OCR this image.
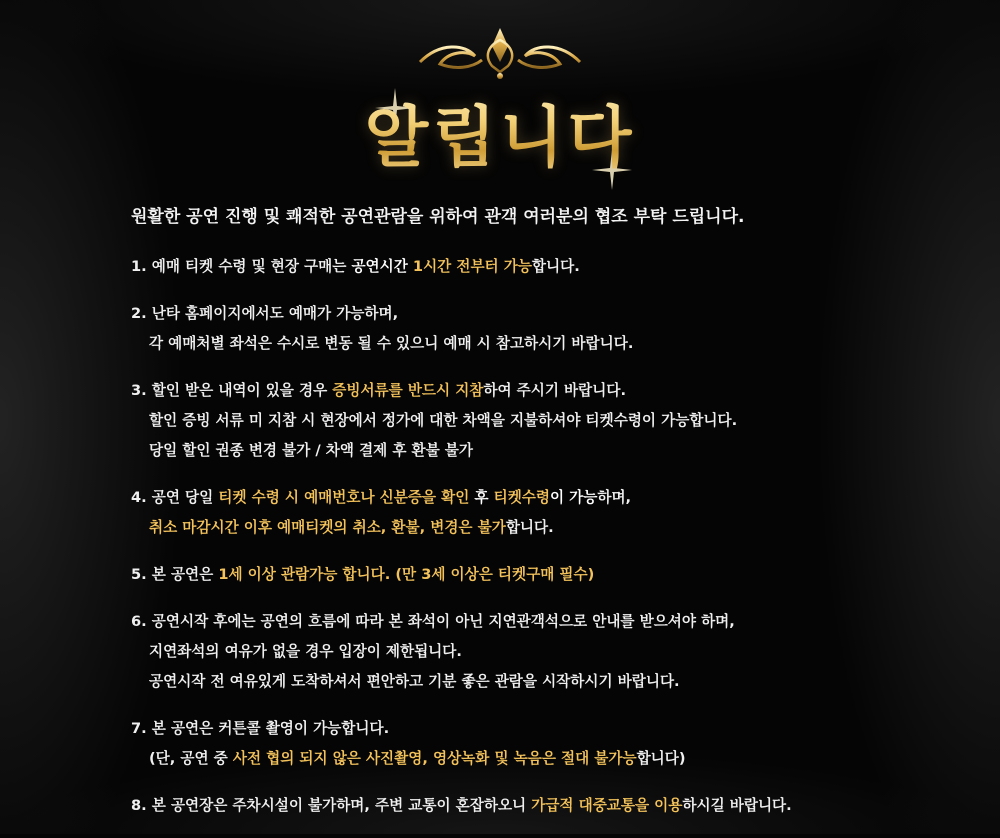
알립니다

원활한 공연 진행 및 쾌적한 공연관람을 위하여 관객 여러분의 협조 부탁 드립니다.

1. 예매 티켓 수령 및 현장 구매는 공연시간 1시간 전부터 가능합니다.
2. 난타 홈페이지에서도 예매가 가능하며,
각 예매처별 좌석은 수시로 변동 될 수 있으니 예매 시 참고하시기 바랍니다.
3. 할인 받은 내역이 있을 경우 증빙서류를 반드시 지참하여 주시기 바랍니다.
할인 증빙 서류 미 지참 시 현장에서 정가에 대한 차액을 지불하셔야 티켓수령이 가능합니다.
당일 할인 권종 변경 불가 / 차액 결제 후 환불 불가
4. 공연 당일 티켓 수령 시 예매번호나 신분증을 확인 후 티켓수령이 가능하며,
취소 마감시간 이후 예매티켓의 취소, 환불, 변경은 불가합니다.
5. 본 공연은 1세 이상 관람가능 합니다. (만 3세 이상은 티켓구매 필수)
6. 공연시작 후에는 공연의 흐름에 따라 본 좌석이 아닌 지연관객석으로 안내를 받으셔야 하며,
지연좌석의 여유가 없을 경우 입장이 제한됩니다.
공연시작 전 여유있게 도착하셔서 편안하고 기분 좋은 관람을 시작하시기 바랍니다.
7. 본 공연은 커튼콜 촬영이 가능합니다.
(단, 공연 중 사전 협의 되지 않은 사진촬영, 영상녹화 및 녹음은 절대 불가능합니다)
8. 본 공연장은 주차시설이 불가하며, 주변 교통이 혼잡하오니 가급적 대중교통을 이용하시길 바랍니다.
